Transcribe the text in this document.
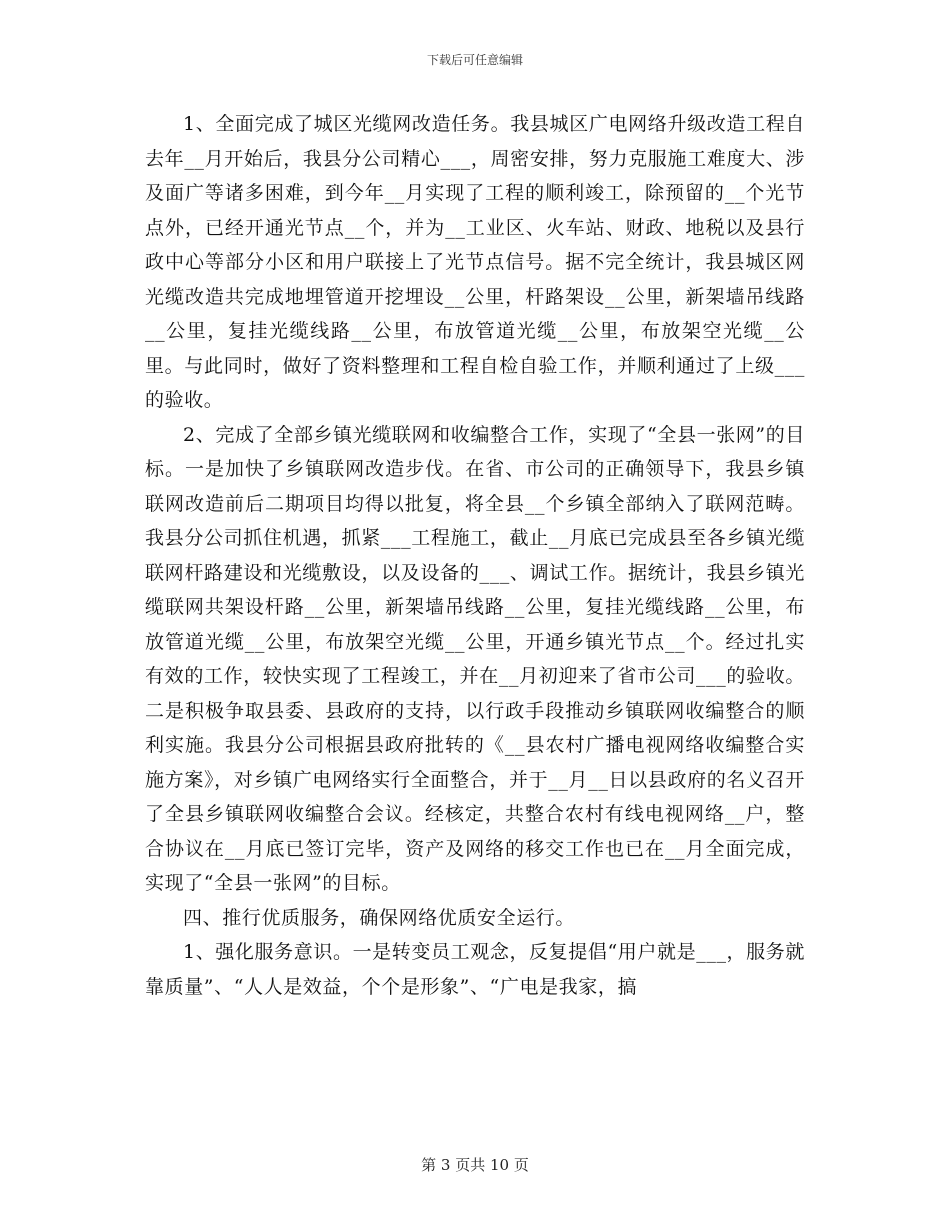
下载后可任意编辑

1、全面完成了城区光缆网改造任务。我县城区广电网络升级改造工程自去年__月开始后，我县分公司精心___，周密安排，努力克服施工难度大、涉及面广等诸多困难，到今年__月实现了工程的顺利竣工，除预留的__个光节点外，已经开通光节点__个，并为__工业区、火车站、财政、地税以及县行政中心等部分小区和用户联接上了光节点信号。据不完全统计，我县城区网光缆改造共完成地埋管道开挖埋设__公里，杆路架设__公里，新架墙吊线路__公里，复挂光缆线路__公里，布放管道光缆__公里，布放架空光缆__公里。与此同时，做好了资料整理和工程自检自验工作，并顺利通过了上级___的验收。

2、完成了全部乡镇光缆联网和收编整合工作，实现了“全县一张网”的目标。一是加快了乡镇联网改造步伐。在省、市公司的正确领导下，我县乡镇联网改造前后二期项目均得以批复，将全县__个乡镇全部纳入了联网范畴。我县分公司抓住机遇，抓紧___工程施工，截止__月底已完成县至各乡镇光缆联网杆路建设和光缆敷设，以及设备的___、调试工作。据统计，我县乡镇光缆联网共架设杆路__公里，新架墙吊线路__公里，复挂光缆线路__公里，布放管道光缆__公里，布放架空光缆__公里，开通乡镇光节点__个。经过扎实有效的工作，较快实现了工程竣工，并在__月初迎来了省市公司___的验收。二是积极争取县委、县政府的支持，以行政手段推动乡镇联网收编整合的顺利实施。我县分公司根据县政府批转的《__县农村广播电视网络收编整合实施方案》，对乡镇广电网络实行全面整合，并于__月__日以县政府的名义召开了全县乡镇联网收编整合会议。经核定，共整合农村有线电视网络__户，整合协议在__月底已签订完毕，资产及网络的移交工作也已在__月全面完成，实现了“全县一张网”的目标。

四、推行优质服务，确保网络优质安全运行。

1、强化服务意识。一是转变员工观念，反复提倡“用户就是___，服务就靠质量”、“人人是效益，个个是形象”、“广电是我家，搞

第 3 页共 10 页
